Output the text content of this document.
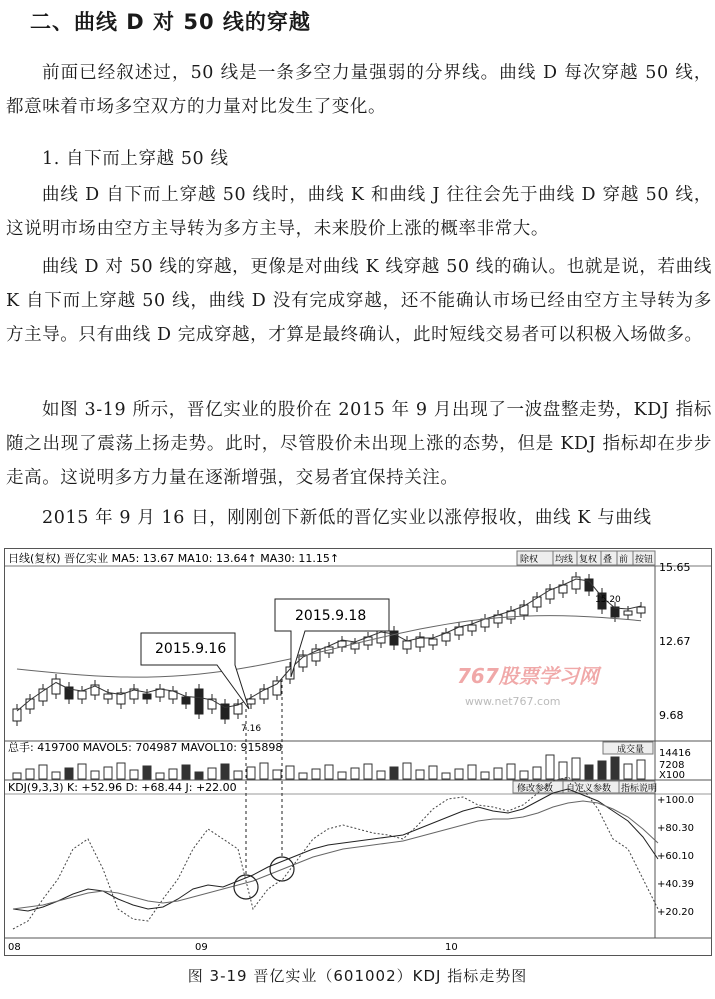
二、曲线 D 对 50 线的穿越

前面已经叙述过，50 线是一条多空力量强弱的分界线。曲线 D 每次穿越 50 线，都意味着市场多空双方的力量对比发生了变化。

1. 自下而上穿越 50 线

曲线 D 自下而上穿越 50 线时，曲线 K 和曲线 J 往往会先于曲线 D 穿越 50 线，这说明市场由空方主导转为多方主导，未来股价上涨的概率非常大。

曲线 D 对 50 线的穿越，更像是对曲线 K 线穿越 50 线的确认。也就是说，若曲线 K 自下而上穿越 50 线，曲线 D 没有完成穿越，还不能确认市场已经由空方主导转为多方主导。只有曲线 D 完成穿越，才算是最终确认，此时短线交易者可以积极入场做多。

如图 3-19 所示，晋亿实业的股价在 2015 年 9 月出现了一波盘整走势，KDJ 指标随之出现了震荡上扬走势。此时，尽管股价未出现上涨的态势，但是 KDJ 指标却在步步走高。这说明多方力量在逐渐增强，交易者宜保持关注。

2015 年 9 月 16 日，刚刚创下新低的晋亿实业以涨停报收，曲线 K 与曲线

日线(复权) 晋亿实业 MA5: 13.67 MA10: 13.64↑ MA30: 11.15↑	除权 均线 复权 叠 前 按钮
15.65
12.67
9.68
15.20
7.16
2015.9.16
2015.9.18
767股票学习网
www.net767.com
总手: 419700 MAVOL5: 704987 MAVOL10: 915898	成交量 14416
7208
X100
KDJ(9,3,3) K: +52.96 D: +68.44 J: +22.00	修改参数 自定义参数 指标说明
+100.0
+80.30
+60.10
+40.39
+20.20
08	09	10
图 3-19 晋亿实业（601002）KDJ 指标走势图
